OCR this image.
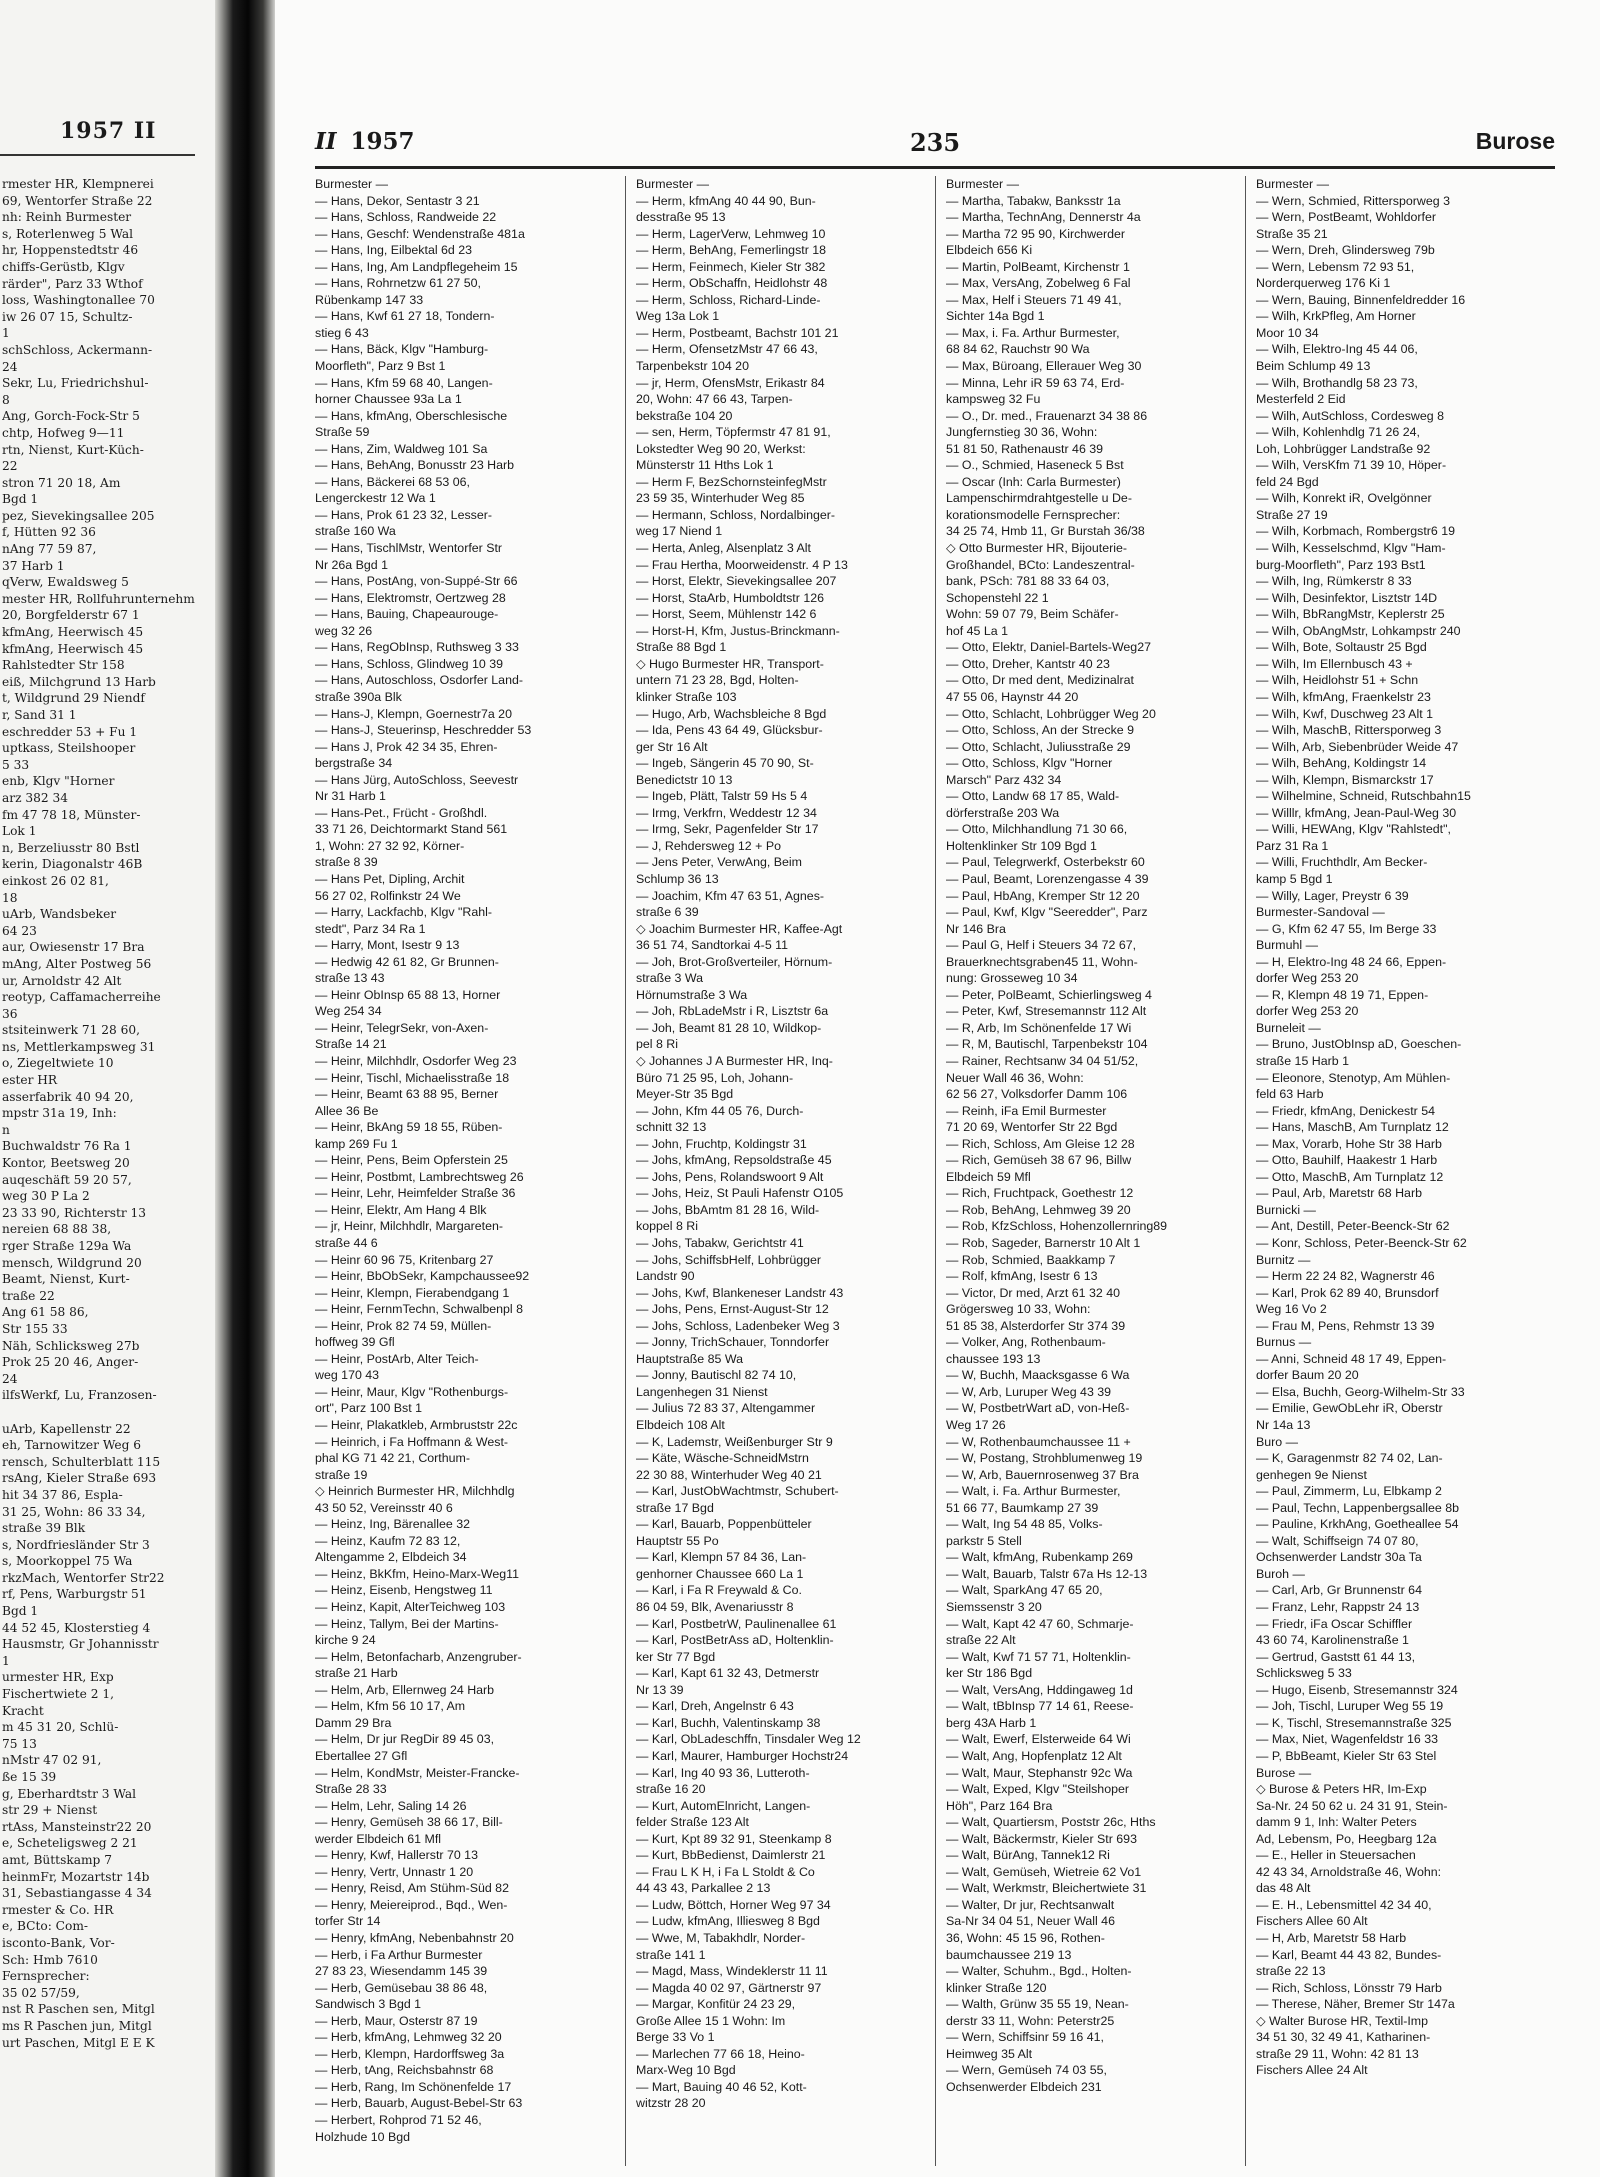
1957 II
rmester HR, Klempnerei
69, Wentorfer Straße 22
nh: Reinh Burmester
s, Roterlenweg 5 Wal
hr, Hoppenstedtstr 46
chiffs-Gerüstb, Klgv
rärder", Parz 33 Wthof
loss, Washingtonallee 70
iw 26 07 15, Schultz-
1
schSchloss, Ackermann-
24
Sekr, Lu, Friedrichshul-
8
Ang, Gorch-Fock-Str 5
chtp, Hofweg 9—11
rtn, Nienst, Kurt-Küch-
22
stron 71 20 18, Am
Bgd 1
pez, Sievekingsallee 205
f, Hütten 92 36
nAng 77 59 87,
37 Harb 1
qVerw, Ewaldsweg 5
mester HR, Rollfuhrunternehm
20, Borgfelderstr 67 1
kfmAng, Heerwisch 45
kfmAng, Heerwisch 45
Rahlstedter Str 158
eiß, Milchgrund 13 Harb
t, Wildgrund 29 Niendf
r, Sand 31 1
eschredder 53 + Fu 1
uptkass, Steilshooper
5 33
enb, Klgv "Horner
arz 382 34
fm 47 78 18, Münster-
Lok 1
n, Berzeliusstr 80 Bstl
kerin, Diagonalstr 46B
einkost 26 02 81,
18
uArb, Wandsbeker
64 23
aur, Owiesenstr 17 Bra
mAng, Alter Postweg 56
ur, Arnoldstr 42 Alt
reotyp, Caffamacherreihe
36
stsiteinwerk 71 28 60,
ns, Mettlerkampsweg 31
o, Ziegeltwiete 10
ester HR
asserfabrik 40 94 20,
mpstr 31a 19, Inh:
n
Buchwaldstr 76 Ra 1
Kontor, Beetsweg 20
auqeschäft 59 20 57,
weg 30 P La 2
23 33 90, Richterstr 13
nereien 68 88 38,
rger Straße 129a Wa
mensch, Wildgrund 20
Beamt, Nienst, Kurt-
traße 22
Ang 61 58 86,
Str 155 33
Näh, Schlicksweg 27b
Prok 25 20 46, Anger-
24
ilfsWerkf, Lu, Franzosen-

uArb, Kapellenstr 22
eh, Tarnowitzer Weg 6
rensch, Schulterblatt 115
rsAng, Kieler Straße 693
hit 34 37 86, Espla-
31 25, Wohn: 86 33 34,
straße 39 Blk
s, Nordfriesländer Str 3
s, Moorkoppel 75 Wa
rkzMach, Wentorfer Str22
rf, Pens, Warburgstr 51
Bgd 1
44 52 45, Klosterstieg 4
Hausmstr, Gr Johannisstr
1
urmester HR, Exp
Fischertwiete 2 1,
Kracht
m 45 31 20, Schlü-
75 13
nMstr 47 02 91,
ße 15 39
g, Eberhardtstr 3 Wal
str 29 + Nienst
rtAss, Mansteinstr22 20
e, Scheteligsweg 2 21
amt, Büttskamp 7
heinmFr, Mozartstr 14b
31, Sebastiangasse 4 34
rmester & Co. HR
e, BCto: Com-
isconto-Bank, Vor-
Sch: Hmb 7610
Fernsprecher:
35 02 57/59,
nst R Paschen sen, Mitgl
ms R Paschen jun, Mitgl
urt Paschen, Mitgl E E K
II 1957	235	Burose
Burmester —
— Hans, Dekor, Sentastr 3 21
— Hans, Schloss, Randweide 22
— Hans, Geschf: Wendenstraße 481a
— Hans, Ing, Eilbektal 6d 23
— Hans, Ing, Am Landpflegeheim 15
— Hans, Rohrnetzw 61 27 50,
Rübenkamp 147 33
— Hans, Kwf 61 27 18, Tondern-
stieg 6 43
— Hans, Bäck, Klgv "Hamburg-
Moorfleth", Parz 9 Bst 1
— Hans, Kfm 59 68 40, Langen-
horner Chaussee 93a La 1
— Hans, kfmAng, Oberschlesische
Straße 59
— Hans, Zim, Waldweg 101 Sa
— Hans, BehAng, Bonusstr 23 Harb
— Hans, Bäckerei 68 53 06,
Lengerckestr 12 Wa 1
— Hans, Prok 61 23 32, Lesser-
straße 160 Wa
— Hans, TischlMstr, Wentorfer Str
Nr 26a Bgd 1
— Hans, PostAng, von-Suppé-Str 66
— Hans, Elektromstr, Oertzweg 28
— Hans, Bauing, Chapeaurouge-
weg 32 26
— Hans, RegObInsp, Ruthsweg 3 33
— Hans, Schloss, Glindweg 10 39
— Hans, Autoschloss, Osdorfer Land-
straße 390a Blk
— Hans-J, Klempn, Goernestr7a 20
— Hans-J, Steuerinsp, Heschredder 53
— Hans J, Prok 42 34 35, Ehren-
bergstraße 34
— Hans Jürg, AutoSchloss, Seevestr
Nr 31 Harb 1
— Hans-Pet., Frücht - Großhdl.
33 71 26, Deichtormarkt Stand 561
1, Wohn: 27 32 92, Körner-
straße 8 39
— Hans Pet, Dipling, Archit
56 27 02, Rolfinkstr 24 We
— Harry, Lackfachb, Klgv "Rahl-
stedt", Parz 34 Ra 1
— Harry, Mont, Isestr 9 13
— Hedwig 42 61 82, Gr Brunnen-
straße 13 43
— Heinr ObInsp 65 88 13, Horner
Weg 254 34
— Heinr, TelegrSekr, von-Axen-
Straße 14 21
— Heinr, Milchhdlr, Osdorfer Weg 23
— Heinr, Tischl, Michaelisstraße 18
— Heinr, Beamt 63 88 95, Berner
Allee 36 Be
— Heinr, BkAng 59 18 55, Rüben-
kamp 269 Fu 1
— Heinr, Pens, Beim Opferstein 25
— Heinr, Postbmt, Lambrechtsweg 26
— Heinr, Lehr, Heimfelder Straße 36
— Heinr, Elektr, Am Hang 4 Blk
— jr, Heinr, Milchhdlr, Margareten-
straße 44 6
— Heinr 60 96 75, Kritenbarg 27
— Heinr, BbObSekr, Kampchaussee92
— Heinr, Klempn, Fierabendgang 1
— Heinr, FernmTechn, Schwalbenpl 8
— Heinr, Prok 82 74 59, Müllen-
hoffweg 39 Gfl
— Heinr, PostArb, Alter Teich-
weg 170 43
— Heinr, Maur, Klgv "Rothenburgs-
ort", Parz 100 Bst 1
— Heinr, Plakatkleb, Armbruststr 22c
— Heinrich, i Fa Hoffmann & West-
phal KG 71 42 21, Corthum-
straße 19
◇ Heinrich Burmester HR, Milchhdlg
43 50 52, Vereinsstr 40 6
— Heinz, Ing, Bärenallee 32
— Heinz, Kaufm 72 83 12,
Altengamme 2, Elbdeich 34
— Heinz, BkKfm, Heino-Marx-Weg11
— Heinz, Eisenb, Hengstweg 11
— Heinz, Kapit, AlterTeichweg 103
— Heinz, Tallym, Bei der Martins-
kirche 9 24
— Helm, Betonfacharb, Anzengruber-
straße 21 Harb
— Helm, Arb, Ellernweg 24 Harb
— Helm, Kfm 56 10 17, Am
Damm 29 Bra
— Helm, Dr jur RegDir 89 45 03,
Ebertallee 27 Gfl
— Helm, KondMstr, Meister-Francke-
Straße 28 33
— Helm, Lehr, Saling 14 26
— Henry, Gemüseh 38 66 17, Bill-
werder Elbdeich 61 Mfl
— Henry, Kwf, Hallerstr 70 13
— Henry, Vertr, Unnastr 1 20
— Henry, Reisd, Am Stühm-Süd 82
— Henry, Meiereiprod., Bqd., Wen-
torfer Str 14
— Henry, kfmAng, Nebenbahnstr 20
— Herb, i Fa Arthur Burmester
27 83 23, Wiesendamm 145 39
— Herb, Gemüsebau 38 86 48,
Sandwisch 3 Bgd 1
— Herb, Maur, Osterstr 87 19
— Herb, kfmAng, Lehmweg 32 20
— Herb, Klempn, Hardorffsweg 3a
— Herb, tAng, Reichsbahnstr 68
— Herb, Rang, Im Schönenfelde 17
— Herb, Bauarb, August-Bebel-Str 63
— Herbert, Rohprod 71 52 46,
Holzhude 10 Bgd
Burmester —
— Herm, kfmAng 40 44 90, Bun-
desstraße 95 13
— Herm, LagerVerw, Lehmweg 10
— Herm, BehAng, Femerlingstr 18
— Herm, Feinmech, Kieler Str 382
— Herm, ObSchaffn, Heidlohstr 48
— Herm, Schloss, Richard-Linde-
Weg 13a Lok 1
— Herm, Postbeamt, Bachstr 101 21
— Herm, OfensetzMstr 47 66 43,
Tarpenbekstr 104 20
— jr, Herm, OfensMstr, Erikastr 84
20, Wohn: 47 66 43, Tarpen-
bekstraße 104 20
— sen, Herm, Töpfermstr 47 81 91,
Lokstedter Weg 90 20, Werkst:
Münsterstr 11 Hths Lok 1
— Herm F, BezSchornsteinfegMstr
23 59 35, Winterhuder Weg 85
— Hermann, Schloss, Nordalbinger-
weg 17 Niend 1
— Herta, Anleg, Alsenplatz 3 Alt
— Frau Hertha, Moorweidenstr. 4 P 13
— Horst, Elektr, Sievekingsallee 207
— Horst, StaArb, Humboldtstr 126
— Horst, Seem, Mühlenstr 142 6
— Horst-H, Kfm, Justus-Brinckmann-
Straße 88 Bgd 1
◇ Hugo Burmester HR, Transport-
untern 71 23 28, Bgd, Holten-
klinker Straße 103
— Hugo, Arb, Wachsbleiche 8 Bgd
— Ida, Pens 43 64 49, Glücksbur-
ger Str 16 Alt
— Ingeb, Sängerin 45 70 90, St-
Benedictstr 10 13
— Ingeb, Plätt, Talstr 59 Hs 5 4
— Irmg, Verkfrn, Weddestr 12 34
— Irmg, Sekr, Pagenfelder Str 17
— J, Rehdersweg 12 + Po
— Jens Peter, VerwAng, Beim
Schlump 36 13
— Joachim, Kfm 47 63 51, Agnes-
straße 6 39
◇ Joachim Burmester HR, Kaffee-Agt
36 51 74, Sandtorkai 4-5 11
— Joh, Brot-Großverteiler, Hörnum-
straße 3 Wa
Hörnumstraße 3 Wa
— Joh, RbLadeMstr i R, Lisztstr 6a
— Joh, Beamt 81 28 10, Wildkop-
pel 8 Ri
◇ Johannes J A Burmester HR, Inq-
Büro 71 25 95, Loh, Johann-
Meyer-Str 35 Bgd
— John, Kfm 44 05 76, Durch-
schnitt 32 13
— John, Fruchtp, Koldingstr 31
— Johs, kfmAng, Repsoldstraße 45
— Johs, Pens, Rolandswoort 9 Alt
— Johs, Heiz, St Pauli Hafenstr O105
— Johs, BbAmtm 81 28 16, Wild-
koppel 8 Ri
— Johs, Tabakw, Gerichtstr 41
— Johs, SchiffsbHelf, Lohbrügger
Landstr 90
— Johs, Kwf, Blankeneser Landstr 43
— Johs, Pens, Ernst-August-Str 12
— Johs, Schloss, Ladenbeker Weg 3
— Jonny, TrichSchauer, Tonndorfer
Hauptstraße 85 Wa
— Jonny, Bautischl 82 74 10,
Langenhegen 31 Nienst
— Julius 72 83 37, Altengammer
Elbdeich 108 Alt
— K, Lademstr, Weißenburger Str 9
— Käte, Wäsche-SchneidMstrn
22 30 88, Winterhuder Weg 40 21
— Karl, JustObWachtmstr, Schubert-
straße 17 Bgd
— Karl, Bauarb, Poppenbütteler
Hauptstr 55 Po
— Karl, Klempn 57 84 36, Lan-
genhorner Chaussee 660 La 1
— Karl, i Fa R Freywald & Co.
86 04 59, Blk, Avenariusstr 8
— Karl, PostbetrW, Paulinenallee 61
— Karl, PostBetrAss aD, Holtenklin-
ker Str 77 Bgd
— Karl, Kapt 61 32 43, Detmerstr
Nr 13 39
— Karl, Dreh, Angelnstr 6 43
— Karl, Buchh, Valentinskamp 38
— Karl, ObLadeschffn, Tinsdaler Weg 12
— Karl, Maurer, Hamburger Hochstr24
— Karl, Ing 40 93 36, Lutteroth-
straße 16 20
— Kurt, AutomElnricht, Langen-
felder Straße 123 Alt
— Kurt, Kpt 89 32 91, Steenkamp 8
— Kurt, BbBedienst, Daimlerstr 21
— Frau L K H, i Fa L Stoldt & Co
44 43 43, Parkallee 2 13
— Ludw, Böttch, Horner Weg 97 34
— Ludw, kfmAng, Illiesweg 8 Bgd
— Wwe, M, Tabakhdlr, Norder-
straße 141 1
— Magd, Mass, Windeklerstr 11 11
— Magda 40 02 97, Gärtnerstr 97
— Margar, Konfitür 24 23 29,
Große Allee 15 1 Wohn: Im
Berge 33 Vo 1
— Marlechen 77 66 18, Heino-
Marx-Weg 10 Bgd
— Mart, Bauing 40 46 52, Kott-
witzstr 28 20
Burmester —
— Martha, Tabakw, Banksstr 1a
— Martha, TechnAng, Dennerstr 4a
— Martha 72 95 90, Kirchwerder
Elbdeich 656 Ki
— Martin, PolBeamt, Kirchenstr 1
— Max, VersAng, Zobelweg 6 Fal
— Max, Helf i Steuers 71 49 41,
Sichter 14a Bgd 1
— Max, i. Fa. Arthur Burmester,
68 84 62, Rauchstr 90 Wa
— Max, Büroang, Ellerauer Weg 30
— Minna, Lehr iR 59 63 74, Erd-
kampsweg 32 Fu
— O., Dr. med., Frauenarzt 34 38 86
Jungfernstieg 30 36, Wohn:
51 81 50, Rathenaustr 46 39
— O., Schmied, Haseneck 5 Bst
— Oscar (Inh: Carla Burmester)
Lampenschirmdrahtgestelle u De-
korationsmodelle Fernsprecher:
34 25 74, Hmb 11, Gr Burstah 36/38
◇ Otto Burmester HR, Bijouterie-
Großhandel, BCto: Landeszentral-
bank, PSch: 781 88 33 64 03,
Schopenstehl 22 1
Wohn: 59 07 79, Beim Schäfer-
hof 45 La 1
— Otto, Elektr, Daniel-Bartels-Weg27
— Otto, Dreher, Kantstr 40 23
— Otto, Dr med dent, Medizinalrat
47 55 06, Haynstr 44 20
— Otto, Schlacht, Lohbrügger Weg 20
— Otto, Schloss, An der Strecke 9
— Otto, Schlacht, Juliusstraße 29
— Otto, Schloss, Klgv "Horner
Marsch" Parz 432 34
— Otto, Landw 68 17 85, Wald-
dörferstraße 203 Wa
— Otto, Milchhandlung 71 30 66,
Holtenklinker Str 109 Bgd 1
— Paul, Telegrwerkf, Osterbekstr 60
— Paul, Beamt, Lorenzengasse 4 39
— Paul, HbAng, Kremper Str 12 20
— Paul, Kwf, Klgv "Seeredder", Parz
Nr 146 Bra
— Paul G, Helf i Steuers 34 72 67,
Brauerknechtsgraben45 11, Wohn-
nung: Grosseweg 10 34
— Peter, PolBeamt, Schierlingsweg 4
— Peter, Kwf, Stresemannstr 112 Alt
— R, Arb, Im Schönenfelde 17 Wi
— R, M, Bautischl, Tarpenbekstr 104
— Rainer, Rechtsanw 34 04 51/52,
Neuer Wall 46 36, Wohn:
62 56 27, Volksdorfer Damm 106
— Reinh, iFa Emil Burmester
71 20 69, Wentorfer Str 22 Bgd
— Rich, Schloss, Am Gleise 12 28
— Rich, Gemüseh 38 67 96, Billw
Elbdeich 59 Mfl
— Rich, Fruchtpack, Goethestr 12
— Rob, BehAng, Lehmweg 39 20
— Rob, KfzSchloss, Hohenzollernring89
— Rob, Sageder, Barnerstr 10 Alt 1
— Rob, Schmied, Baakkamp 7
— Rolf, kfmAng, Isestr 6 13
— Victor, Dr med, Arzt 61 32 40
Grögersweg 10 33, Wohn:
51 85 38, Alsterdorfer Str 374 39
— Volker, Ang, Rothenbaum-
chaussee 193 13
— W, Buchh, Maacksgasse 6 Wa
— W, Arb, Luruper Weg 43 39
— W, PostbetrWart aD, von-Heß-
Weg 17 26
— W, Rothenbaumchaussee 11 +
— W, Postang, Strohblumenweg 19
— W, Arb, Bauernrosenweg 37 Bra
— Walt, i. Fa. Arthur Burmester,
51 66 77, Baumkamp 27 39
— Walt, Ing 54 48 85, Volks-
parkstr 5 Stell
— Walt, kfmAng, Rubenkamp 269
— Walt, Bauarb, Talstr 67a Hs 12-13
— Walt, SparkAng 47 65 20,
Siemssenstr 3 20
— Walt, Kapt 42 47 60, Schmarje-
straße 22 Alt
— Walt, Kwf 71 57 71, Holtenklin-
ker Str 186 Bgd
— Walt, VersAng, Hddingaweg 1d
— Walt, tBbInsp 77 14 61, Reese-
berg 43A Harb 1
— Walt, Ewerf, Elsterweide 64 Wi
— Walt, Ang, Hopfenplatz 12 Alt
— Walt, Maur, Stephanstr 92c Wa
— Walt, Exped, Klgv "Steilshoper
Höh", Parz 164 Bra
— Walt, Quartiersm, Poststr 26c, Hths
— Walt, Bäckermstr, Kieler Str 693
— Walt, BürAng, Tannek12 Ri
— Walt, Gemüseh, Wietreie 62 Vo1
— Walt, Werkmstr, Bleichertwiete 31
— Walter, Dr jur, Rechtsanwalt
Sa-Nr 34 04 51, Neuer Wall 46
36, Wohn: 45 15 96, Rothen-
baumchaussee 219 13
— Walter, Schuhm., Bgd., Holten-
klinker Straße 120
— Walth, Grünw 35 55 19, Nean-
derstr 33 11, Wohn: Peterstr25
— Wern, Schiffsinr 59 16 41,
Heimweg 35 Alt
— Wern, Gemüseh 74 03 55,
Ochsenwerder Elbdeich 231
Burmester —
— Wern, Schmied, Rittersporweg 3
— Wern, PostBeamt, Wohldorfer
Straße 35 21
— Wern, Dreh, Glindersweg 79b
— Wern, Lebensm 72 93 51,
Norderquerweg 176 Ki 1
— Wern, Bauing, Binnenfeldredder 16
— Wilh, KrkPfleg, Am Horner
Moor 10 34
— Wilh, Elektro-Ing 45 44 06,
Beim Schlump 49 13
— Wilh, Brothandlg 58 23 73,
Mesterfeld 2 Eid
— Wilh, AutSchloss, Cordesweg 8
— Wilh, Kohlenhdlg 71 26 24,
Loh, Lohbrügger Landstraße 92
— Wilh, VersKfm 71 39 10, Höper-
feld 24 Bgd
— Wilh, Konrekt iR, Ovelgönner
Straße 27 19
— Wilh, Korbmach, Rombergstr6 19
— Wilh, Kesselschmd, Klgv "Ham-
burg-Moorfleth", Parz 193 Bst1
— Wilh, Ing, Rümkerstr 8 33
— Wilh, Desinfektor, Lisztstr 14D
— Wilh, BbRangMstr, Keplerstr 25
— Wilh, ObAngMstr, Lohkampstr 240
— Wilh, Bote, Soltaustr 25 Bgd
— Wilh, Im Ellernbusch 43 +
— Wilh, Heidlohstr 51 + Schn
— Wilh, kfmAng, Fraenkelstr 23
— Wilh, Kwf, Duschweg 23 Alt 1
— Wilh, MaschB, Rittersporweg 3
— Wilh, Arb, Siebenbrüder Weide 47
— Wilh, BehAng, Koldingstr 14
— Wilh, Klempn, Bismarckstr 17
— Wilhelmine, Schneid, Rutschbahn15
— Willlr, kfmAng, Jean-Paul-Weg 30
— Willi, HEWAng, Klgv "Rahlstedt",
Parz 31 Ra 1
— Willi, Fruchthdlr, Am Becker-
kamp 5 Bgd 1
— Willy, Lager, Preystr 6 39
Burmester-Sandoval —
— G, Kfm 62 47 55, Im Berge 33
Burmuhl —
— H, Elektro-Ing 48 24 66, Eppen-
dorfer Weg 253 20
— R, Klempn 48 19 71, Eppen-
dorfer Weg 253 20
Burneleit —
— Bruno, JustObInsp aD, Goeschen-
straße 15 Harb 1
— Eleonore, Stenotyp, Am Mühlen-
feld 63 Harb
— Friedr, kfmAng, Denickestr 54
— Hans, MaschB, Am Turnplatz 12
— Max, Vorarb, Hohe Str 38 Harb
— Otto, Bauhilf, Haakestr 1 Harb
— Otto, MaschB, Am Turnplatz 12
— Paul, Arb, Maretstr 68 Harb
Burnicki —
— Ant, Destill, Peter-Beenck-Str 62
— Konr, Schloss, Peter-Beenck-Str 62
Burnitz —
— Herm 22 24 82, Wagnerstr 46
— Karl, Prok 62 89 40, Brunsdorf
Weg 16 Vo 2
— Frau M, Pens, Rehmstr 13 39
Burnus —
— Anni, Schneid 48 17 49, Eppen-
dorfer Baum 20 20
— Elsa, Buchh, Georg-Wilhelm-Str 33
— Emilie, GewObLehr iR, Oberstr
Nr 14a 13
Buro —
— K, Garagenmstr 82 74 02, Lan-
genhegen 9e Nienst
— Paul, Zimmerm, Lu, Elbkamp 2
— Paul, Techn, Lappenbergsallee 8b
— Pauline, KrkhAng, Goetheallee 54
— Walt, Schiffseign 74 07 80,
Ochsenwerder Landstr 30a Ta
Buroh —
— Carl, Arb, Gr Brunnenstr 64
— Franz, Lehr, Rappstr 24 13
— Friedr, iFa Oscar Schiffler
43 60 74, Karolinenstraße 1
— Gertrud, Gaststt 61 44 13,
Schlicksweg 5 33
— Hugo, Eisenb, Stresemannstr 324
— Joh, Tischl, Luruper Weg 55 19
— K, Tischl, Stresemannstraße 325
— Max, Niet, Wagenfeldstr 16 33
— P, BbBeamt, Kieler Str 63 Stel
Burose —
◇ Burose & Peters HR, Im-Exp
Sa-Nr. 24 50 62 u. 24 31 91, Stein-
damm 9 1, Inh: Walter Peters
Ad, Lebensm, Po, Heegbarg 12a
— E., Heller in Steuersachen
42 43 34, Arnoldstraße 46, Wohn:
das 48 Alt
— E. H., Lebensmittel 42 34 40,
Fischers Allee 60 Alt
— H, Arb, Maretstr 58 Harb
— Karl, Beamt 44 43 82, Bundes-
straße 22 13
— Rich, Schloss, Lönsstr 79 Harb
— Therese, Näher, Bremer Str 147a
◇ Walter Burose HR, Textil-Imp
34 51 30, 32 49 41, Katharinen-
straße 29 11, Wohn: 42 81 13
Fischers Allee 24 Alt
